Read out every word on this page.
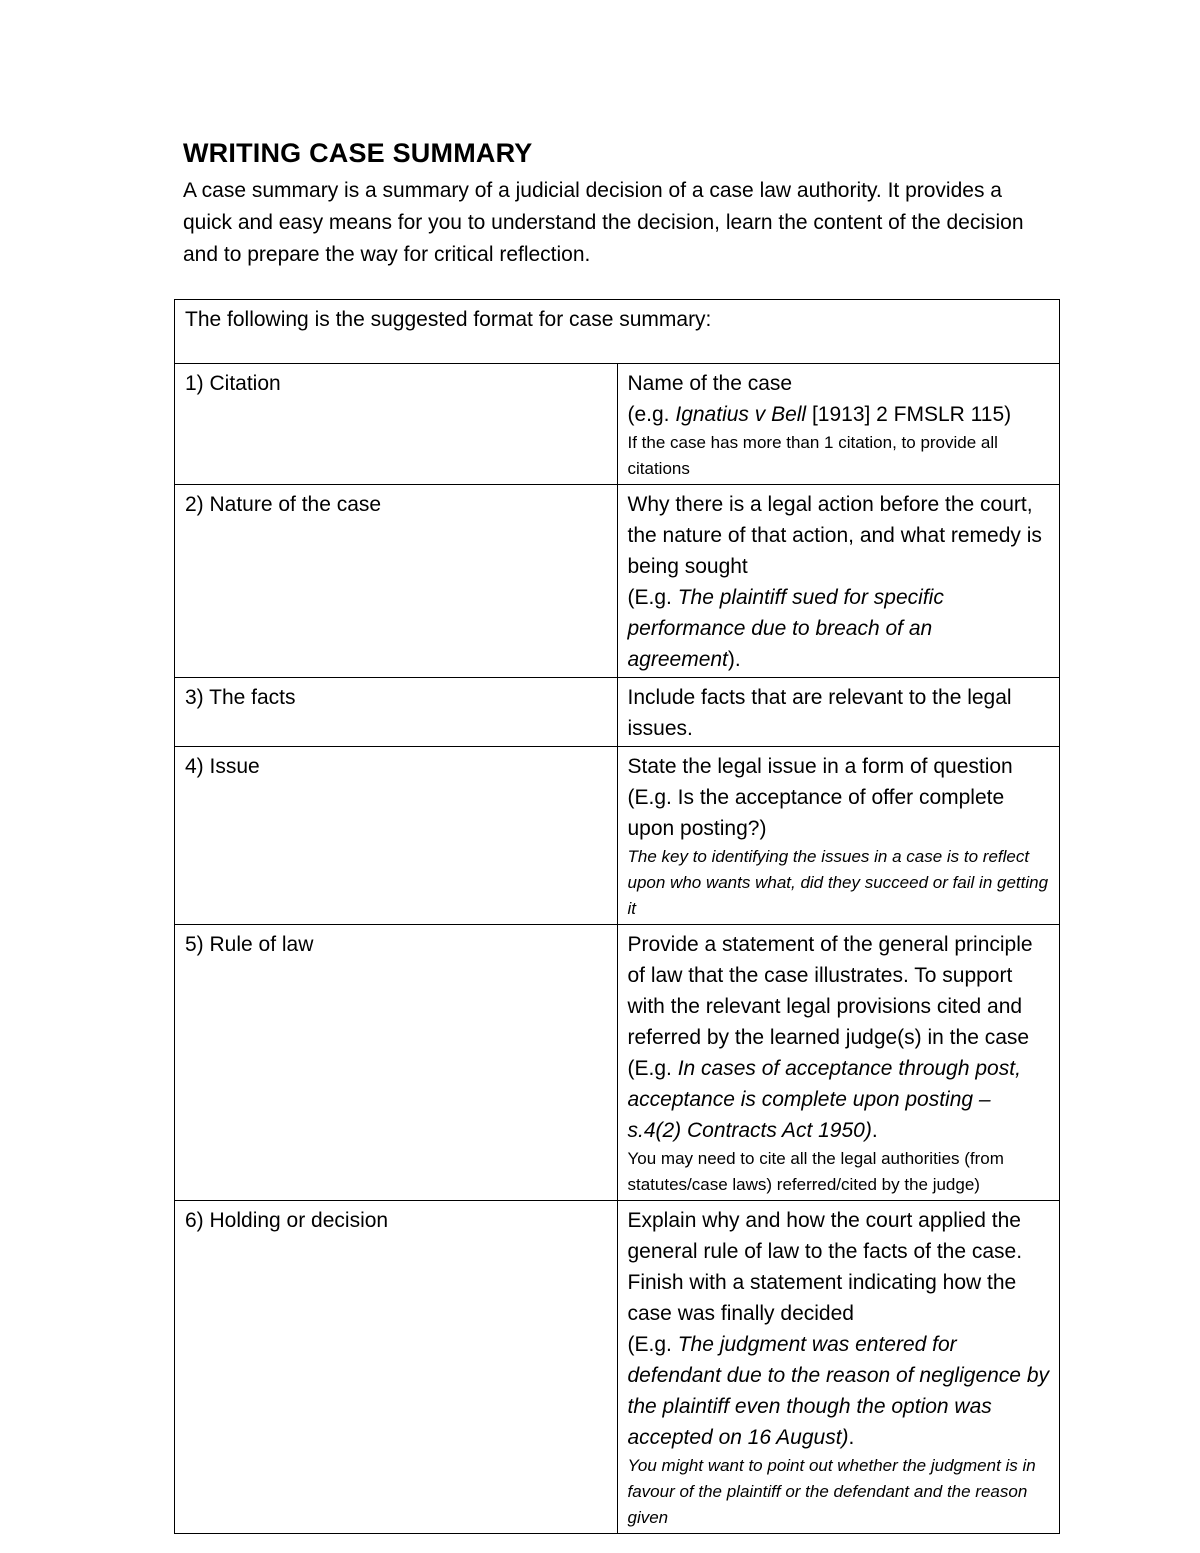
WRITING CASE SUMMARY
A case summary is a summary of a judicial decision of a case law authority. It provides a quick and easy means for you to understand the decision, learn the content of the decision and to prepare the way for critical reflection.
The following is the suggested format for case summary:	
1) Citation	Name of the case
(e.g. Ignatius v Bell [1913] 2 FMSLR 115)
If the case has more than 1 citation, to provide all citations

2) Nature of the case	Why there is a legal action before the court, the nature of that action, and what remedy is being sought
(E.g. The plaintiff sued for specific performance due to breach of an agreement).

3) The facts	Include facts that are relevant to the legal issues.

4) Issue	State the legal issue in a form of question
(E.g. Is the acceptance of offer complete upon posting?)
The key to identifying the issues in a case is to reflect upon who wants what, did they succeed or fail in getting it

5) Rule of law	Provide a statement of the general principle of law that the case illustrates. To support with the relevant legal provisions cited and referred by the learned judge(s) in the case
(E.g. In cases of acceptance through post, acceptance is complete upon posting – s.4(2) Contracts Act 1950).
You may need to cite all the legal authorities (from statutes/case laws) referred/cited by the judge)

6) Holding or decision	Explain why and how the court applied the general rule of law to the facts of the case. Finish with a statement indicating how the case was finally decided
(E.g. The judgment was entered for defendant due to the reason of negligence by the plaintiff even though the option was accepted on 16 August).
You might want to point out whether the judgment is in favour of the plaintiff or the defendant and the reason given
